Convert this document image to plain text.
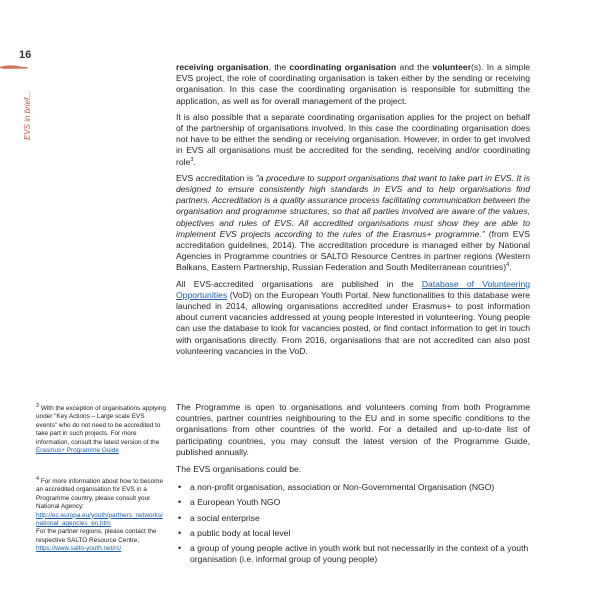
16
EVS in brief...

receiving organisation, the coordinating organisation and the volunteer(s). In a simple EVS project, the role of coordinating organisation is taken either by the sending or receiving organisation. In this case the coordinating organisation is responsible for submitting the application, as well as for overall management of the project.

It is also possible that a separate coordinating organisation applies for the project on behalf of the partnership of organisations involved. In this case the coordinating organisation does not have to be either the sending or receiving organisation. However, in order to get involved in EVS all organisations must be accredited for the sending, receiving and/or coordinating role$^3$.

EVS accreditation is "a procedure to support organisations that want to take part in EVS. It is designed to ensure consistently high standards in EVS and to help organisations find partners. Accreditation is a quality assurance process facilitating communication between the organisation and programme structures, so that all parties involved are aware of the values, objectives and rules of EVS. All accredited organisations must show they are able to implement EVS projects according to the rules of the Erasmus+ programme." (from EVS accreditation guidelines, 2014). The accreditation procedure is managed either by National Agencies in Programme countries or SALTO Resource Centres in partner regions (Western Balkans, Eastern Partnership, Russian Federation and South Mediterranean countries)$^4$.

All EVS-accredited organisations are published in the Database of Volunteering Opportunities (VoD) on the European Youth Portal. New functionalities to this database were launched in 2014, allowing organisations accredited under Erasmus+ to post information about current vacancies addressed at young people interested in volunteering. Young people can use the database to look for vacancies posted, or find contact information to get in touch with organisations directly. From 2016, organisations that are not accredited can also post volunteering vacancies in the VoD.

The Programme is open to organisations and volunteers coming from both Programme countries, partner countries neighbouring to the EU and in some specific conditions to the organisations from other countries of the world. For a detailed and up-to-date list of participating countries, you may consult the latest version of the Programme Guide, published annually.

The EVS organisations could be:

• a non-profit organisation, association or Non-Governmental Organisation (NGO)
• a European Youth NGO
• a social enterprise
• a public body at local level
• a group of young people active in youth work but not necessarily in the context of a youth organisation (i.e. informal group of young people)

$^3$ With the exception of organisations applying under "Key Actions – Large scale EVS events" who do not need to be accredited to take part in such projects. For more information, consult the latest version of the Erasmus+ Programme Guide

$^4$ For more information about how to become an accredited organisation for EVS in a Programme country, please consult your National Agency:
http://ec.europa.eu/youth/partners_networks/national_agencies_en.htm
For the partner regions, please contact the respective SALTO Resource Centre,
https://www.salto-youth.net/rc/
